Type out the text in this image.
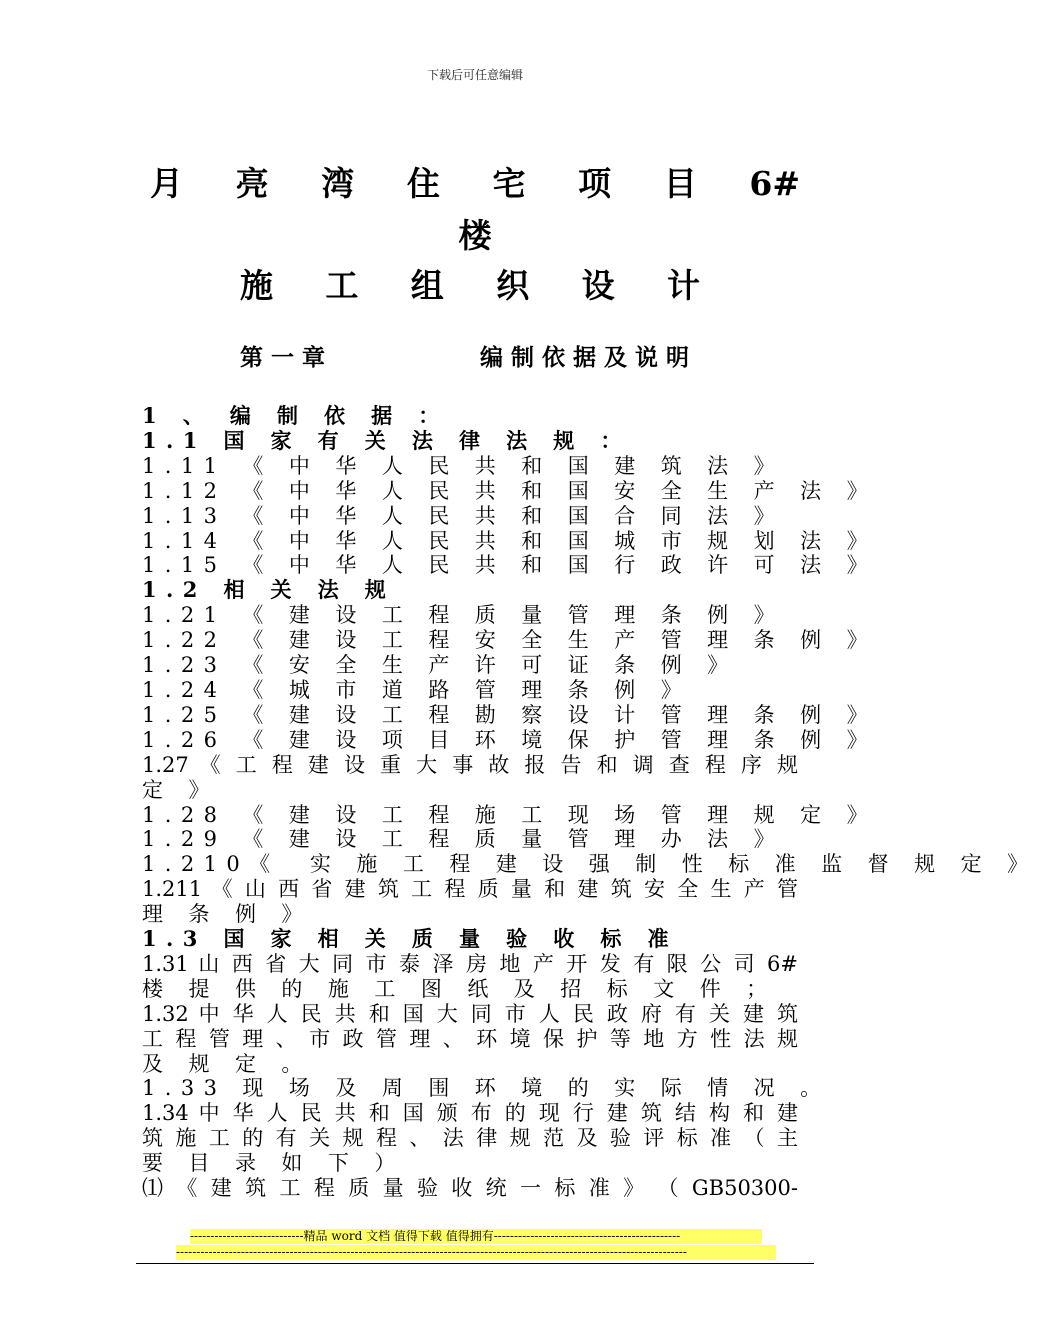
下载后可任意编辑
月　亮　湾　住　宅　项　目　6#
楼
施　工　组　织　设　计
第一章	编制依据及说明
1 、 编 制 依 据 ：
1.1 国 家 有 关 法 律 法 规 ：
1.11 《 中 华 人 民 共 和 国 建 筑 法 》
1.12 《 中 华 人 民 共 和 国 安 全 生 产 法 》
1.13 《 中 华 人 民 共 和 国 合 同 法 》
1.14 《 中 华 人 民 共 和 国 城 市 规 划 法 》
1.15 《 中 华 人 民 共 和 国 行 政 许 可 法 》
1.2 相 关 法 规
1.21 《 建 设 工 程 质 量 管 理 条 例 》
1.22 《 建 设 工 程 安 全 生 产 管 理 条 例 》
1.23 《 安 全 生 产 许 可 证 条 例 》
1.24 《 城 市 道 路 管 理 条 例 》
1.25 《 建 设 工 程 勘 察 设 计 管 理 条 例 》
1.26 《 建 设 项 目 环 境 保 护 管 理 条 例 》
1.27 《 工 程 建 设 重 大 事 故 报 告 和 调 查 程 序 规
定 》
1.28 《 建 设 工 程 施 工 现 场 管 理 规 定 》
1.29 《 建 设 工 程 质 量 管 理 办 法 》
1.210《　实 施 工 程 建 设 强 制 性 标 准 监 督 规 定 》
1.211 《 山 西 省 建 筑 工 程 质 量 和 建 筑 安 全 生 产 管
理 条 例 》
1.3 国 家 相 关 质 量 验 收 标 准
1.31 山 西 省 大 同 市 泰 泽 房 地 产 开 发 有 限 公 司 6#
楼 提 供 的 施 工 图 纸 及 招 标 文 件 ；
1.32 中 华 人 民 共 和 国 大 同 市 人 民 政 府 有 关 建 筑
工 程 管 理 、 市 政 管 理 、 环 境 保 护 等 地 方 性 法 规
及 规 定 。
1.33 现 场 及 周 围 环 境 的 实 际 情 况 。
1.34 中 华 人 民 共 和 国 颁 布 的 现 行 建 筑 结 构 和 建
筑 施 工 的 有 关 规 程 、 法 律 规 范 及 验 评 标 准 （ 主
要 目 录 如 下 ）
⑴ 《 建 筑 工 程 质 量 验 收 统 一 标 准 》 （ GB50300-
----------------------------精品 word 文档 值得下载 值得拥有----------------------------------------------
------------------------------------------------------------------------------------------------------------------------------
